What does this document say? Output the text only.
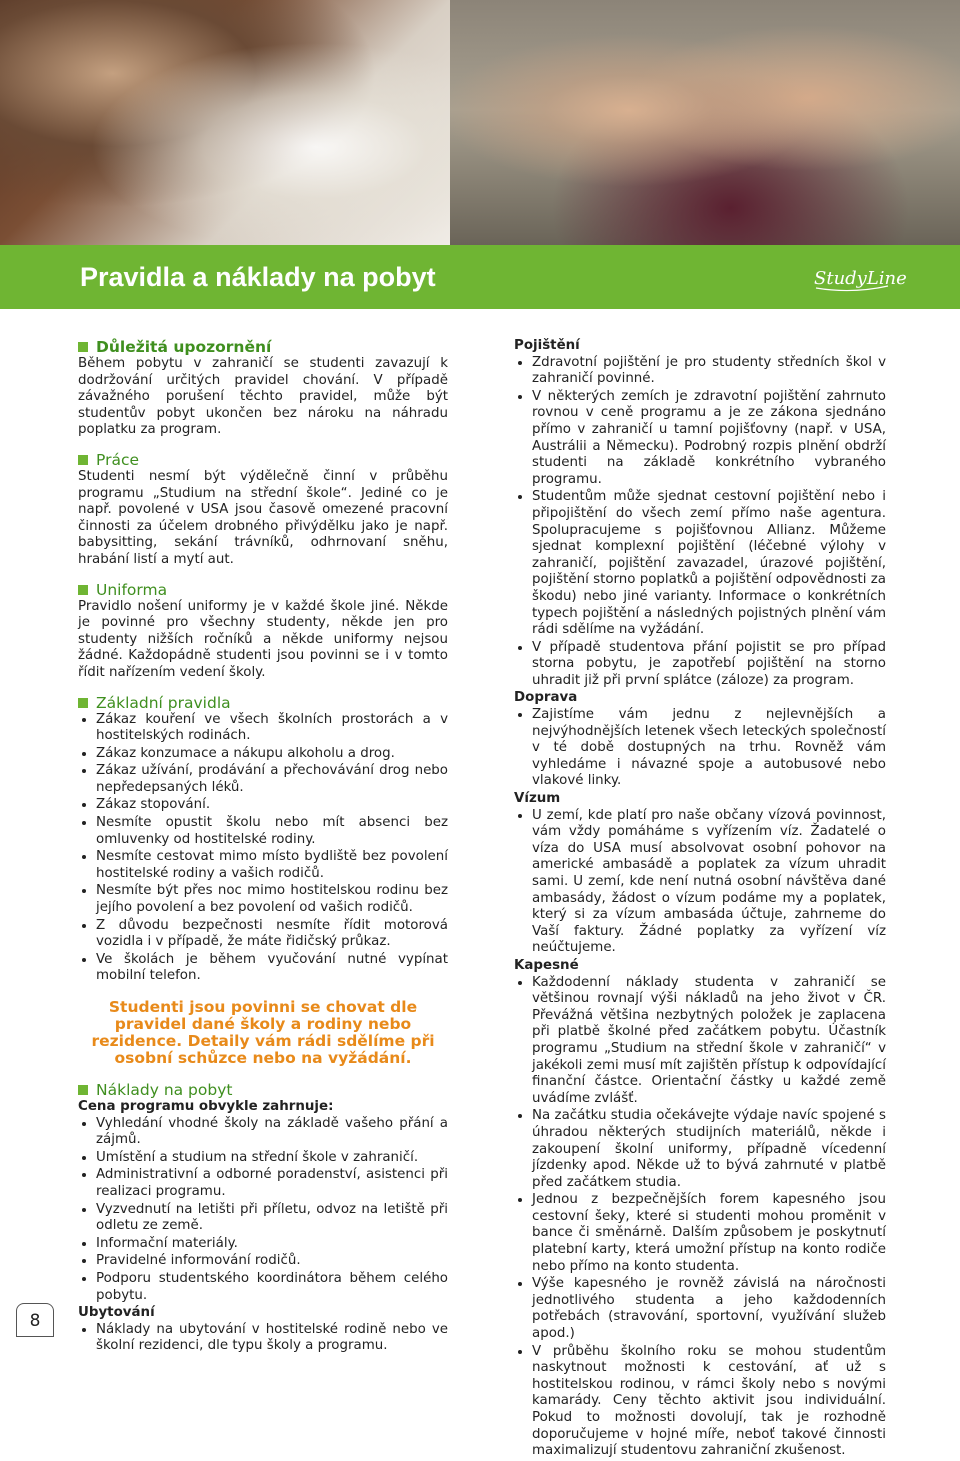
Pravidla a náklady na pobyt	StudyLine
Důležitá upozornění

Během pobytu v zahraničí se studenti zavazují k dodržování určitých pravidel chování. V případě závažného porušení těchto pravidel, může být studentův pobyt ukončen bez nároku na náhradu poplatku za program.

Práce

Studenti nesmí být výdělečně činní v průběhu programu „Studium na střední škole“. Jediné co je např. povolené v USA jsou časově omezené pracovní činnosti za účelem drobného přivýdělku jako je např. babysitting, sekání trávníků, odhrnovaní sněhu, hrabání listí a mytí aut.

Uniforma

Pravidlo nošení uniformy je v každé škole jiné. Někde je povinné pro všechny studenty, někde jen pro studenty nižších ročníků a někde uniformy nejsou žádné. Každopádně studenti jsou povinni se i v tomto řídit nařízením vedení školy.

Základní pravidla
• Zákaz kouření ve všech školních prostorách a v hostitelských rodinách.
• Zákaz konzumace a nákupu alkoholu a drog.
• Zákaz užívání, prodávání a přechovávání drog nebo nepředepsaných léků.
• Zákaz stopování.
• Nesmíte opustit školu nebo mít absenci bez omluvenky od hostitelské rodiny.
• Nesmíte cestovat mimo místo bydliště bez povolení hostitelské rodiny a vašich rodičů.
• Nesmíte být přes noc mimo hostitelskou rodinu bez jejího povolení a bez povolení od vašich rodičů.
• Z důvodu bezpečnosti nesmíte řídit motorová vozidla i v případě, že máte řidičský průkaz.
• Ve školách je během vyučování nutné vypínat mobilní telefon.

Studenti jsou povinni se chovat dle pravidel dané školy a rodiny nebo rezidence. Detaily vám rádi sdělíme při osobní schůzce nebo na vyžádání.

Náklady na pobyt

Cena programu obvykle zahrnuje:

• Vyhledání vhodné školy na základě vašeho přání a zájmů.
• Umístění a studium na střední škole v zahraničí.
• Administrativní a odborné poradenství, asistenci při realizaci programu.
• Vyzvednutí na letišti při příletu, odvoz na letiště při odletu ze země.
• Informační materiály.
• Pravidelné informování rodičů.
• Podporu studentského koordinátora během celého pobytu.

Ubytování

• Náklady na ubytování v hostitelské rodině nebo ve školní rezidenci, dle typu školy a programu.

Pojištění

• Zdravotní pojištění je pro studenty středních škol v zahraničí povinné.
• V některých zemích je zdravotní pojištění zahrnuto rovnou v ceně programu a je ze zákona sjednáno přímo v zahraničí u tamní pojišťovny (např. v USA, Austrálii a Německu). Podrobný rozpis plnění obdrží studenti na základě konkrétního vybraného programu.
• Studentům může sjednat cestovní pojištění nebo i připojištění do všech zemí přímo naše agentura. Spolupracujeme s pojišťovnou Allianz. Můžeme sjednat komplexní pojištění (léčebné výlohy v zahraničí, pojištění zavazadel, úrazové pojištění, pojištění storno poplatků a pojištění odpovědnosti za škodu) nebo jiné varianty. Informace o konkrétních typech pojištění a následných pojistných plnění vám rádi sdělíme na vyžádání.
• V případě studentova přání pojistit se pro případ storna pobytu, je zapotřebí pojištění na storno uhradit již při první splátce (záloze) za program.

Doprava

• Zajistíme vám jednu z nejlevnějších a nejvýhodnějších letenek všech leteckých společností v té době dostupných na trhu. Rovněž vám vyhledáme i návazné spoje a autobusové nebo vlakové linky.

Vízum

• U zemí, kde platí pro naše občany vízová povinnost, vám vždy pomáháme s vyřízením víz. Žadatelé o víza do USA musí absolvovat osobní pohovor na americké ambasádě a poplatek za vízum uhradit sami. U zemí, kde není nutná osobní návštěva dané ambasády, žádost o vízum podáme my a poplatek, který si za vízum ambasáda účtuje, zahrneme do Vaší faktury. Žádné poplatky za vyřízení víz neúčtujeme.

Kapesné

• Každodenní náklady studenta v zahraničí se většinou rovnají výši nákladů na jeho život v ČR. Převážná většina nezbytných položek je zaplacena při platbě školné před začátkem pobytu. Účastník programu „Studium na střední škole v zahraničí“ v jakékoli zemi musí mít zajištěn přístup k odpovídající finanční částce. Orientační částky u každé země uvádíme zvlášť.
• Na začátku studia očekávejte výdaje navíc spojené s úhradou některých studijních materiálů, někde i zakoupení školní uniformy, případně vícedenní jízdenky apod. Někde už to bývá zahrnuté v platbě před začátkem studia.
• Jednou z bezpečnějších forem kapesného jsou cestovní šeky, které si studenti mohou proměnit v bance či směnárně. Dalším způsobem je poskytnutí platební karty, která umožní přístup na konto rodiče nebo přímo na konto studenta.
• Výše kapesného je rovněž závislá na náročnosti jednotlivého studenta a jeho každodenních potřebách (stravování, sportovní, využívání služeb apod.)
• V průběhu školního roku se mohou studentům naskytnout možnosti k cestování, ať už s hostitelskou rodinou, v rámci školy nebo s novými kamarády. Ceny těchto aktivit jsou individuální. Pokud to možnosti dovolují, tak je rozhodně doporučujeme v hojné míře, neboť takové činnosti maximalizují studentovu zahraniční zkušenost.
8
